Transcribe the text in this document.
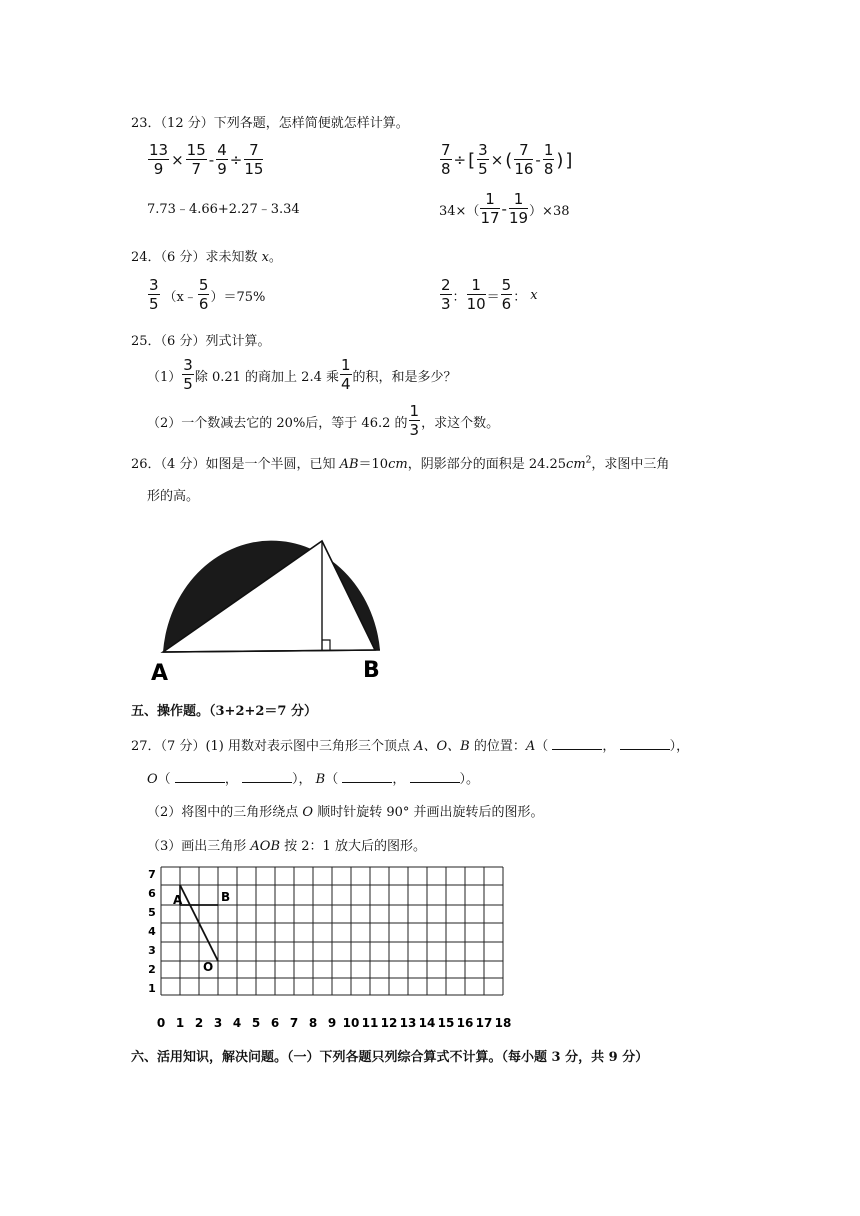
23．（12 分）下列各题，怎样简便就怎样计算。
$\frac{13}{9} \times \frac{15}{7} - \frac{4}{9} \div \frac{7}{15}$	$\frac{7}{8}$ ÷ [ $\frac{3}{5}$ × ( $\frac{7}{16} - \frac{1}{8}$ ) ]
7.73﹣4.66+2.27﹣3.34	$34\times( \frac{1}{17} - \frac{1}{19} )\times 38$
24．（6 分）求未知数 x。
$\frac{3}{5}$ （x﹣ $\frac{5}{6} )=75\%$	$\frac{2}{3}$ ： $\frac{1}{10} = \frac{5}{6}$ ： x
25．（6 分）列式计算。
$(1) \frac{3}{5}$ 除 0.21 的商加上 2.4 乘 $\frac{1}{4}$ 的积，和是多少？
（2）一个数减去它的 20%后，等于 46.2 的 $\frac{1}{3}$ ，求这个数。
26．（4 分）如图是一个半圆，已知 AB＝10cm，阴影部分的面积是 $24.25cm^2$，求图中三角
形的高。
A	B
五、操作题。（3+2+2＝7 分）
27．（7 分）(1) 用数对表示图中三角形三个顶点 A、O、B 的位置：A（	，	），
O（	，	）， B（	，	）。
（2）将图中的三角形绕点 O 顺时针旋转 90° 并画出旋转后的图形。
（3）画出三角形 AOB 按 2：1 放大后的图形。
7
6
5
4
3
2
1
0 1 2 3 4 5 6 7 8 9 10 11 12 13 14 15 16 17 18
A	B
O
六、活用知识，解决问题。（一）下列各题只列综合算式不计算。（每小题 3 分，共 9 分）
